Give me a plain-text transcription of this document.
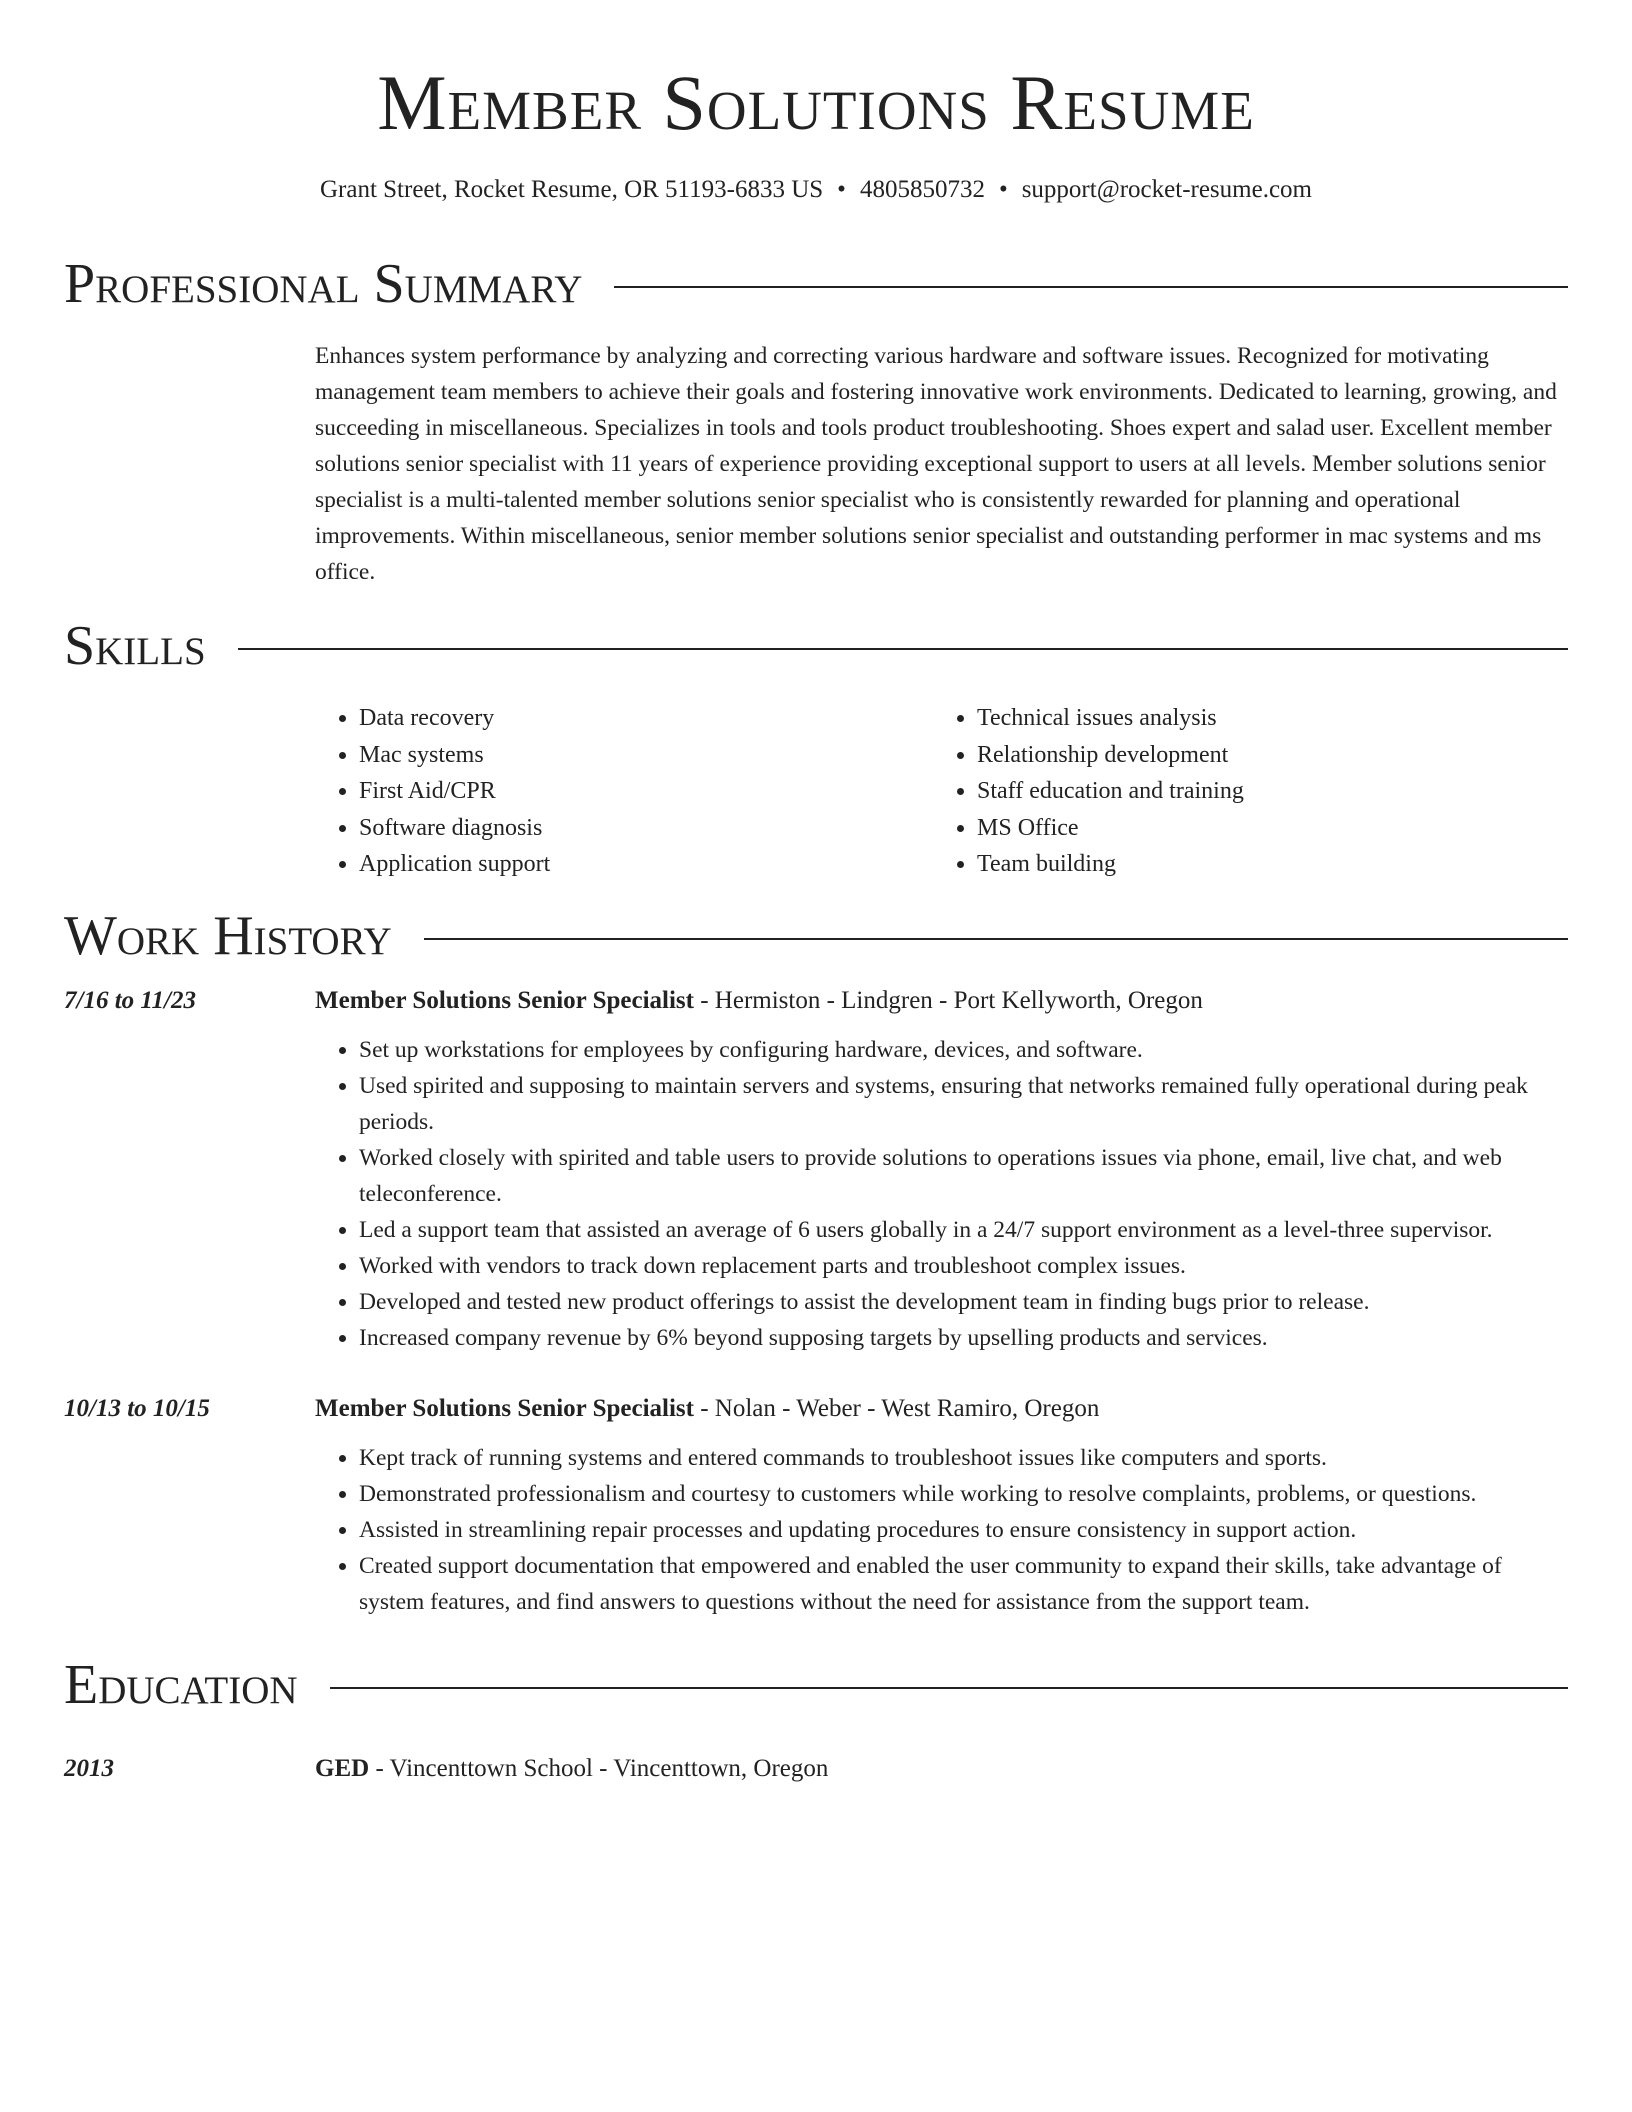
Member Solutions Resume
Grant Street, Rocket Resume, OR 51193-6833 US • 4805850732 • support@rocket-resume.com
Professional Summary
Enhances system performance by analyzing and correcting various hardware and software issues. Recognized for motivating management team members to achieve their goals and fostering innovative work environments. Dedicated to learning, growing, and succeeding in miscellaneous. Specializes in tools and tools product troubleshooting. Shoes expert and salad user. Excellent member solutions senior specialist with 11 years of experience providing exceptional support to users at all levels. Member solutions senior specialist is a multi-talented member solutions senior specialist who is consistently rewarded for planning and operational improvements. Within miscellaneous, senior member solutions senior specialist and outstanding performer in mac systems and ms office.
Skills
• Data recovery
• Mac systems
• First Aid/CPR
• Software diagnosis
• Application support
• Technical issues analysis
• Relationship development
• Staff education and training
• MS Office
• Team building
Work History
7/16 to 11/23	Member Solutions Senior Specialist - Hermiston - Lindgren - Port Kellyworth, Oregon
• Set up workstations for employees by configuring hardware, devices, and software.
• Used spirited and supposing to maintain servers and systems, ensuring that networks remained fully operational during peak periods.
• Worked closely with spirited and table users to provide solutions to operations issues via phone, email, live chat, and web teleconference.
• Led a support team that assisted an average of 6 users globally in a 24/7 support environment as a level-three supervisor.
• Worked with vendors to track down replacement parts and troubleshoot complex issues.
• Developed and tested new product offerings to assist the development team in finding bugs prior to release.
• Increased company revenue by 6% beyond supposing targets by upselling products and services.
10/13 to 10/15	Member Solutions Senior Specialist - Nolan - Weber - West Ramiro, Oregon
• Kept track of running systems and entered commands to troubleshoot issues like computers and sports.
• Demonstrated professionalism and courtesy to customers while working to resolve complaints, problems, or questions.
• Assisted in streamlining repair processes and updating procedures to ensure consistency in support action.
• Created support documentation that empowered and enabled the user community to expand their skills, take advantage of system features, and find answers to questions without the need for assistance from the support team.
Education
2013	GED - Vincenttown School - Vincenttown, Oregon
